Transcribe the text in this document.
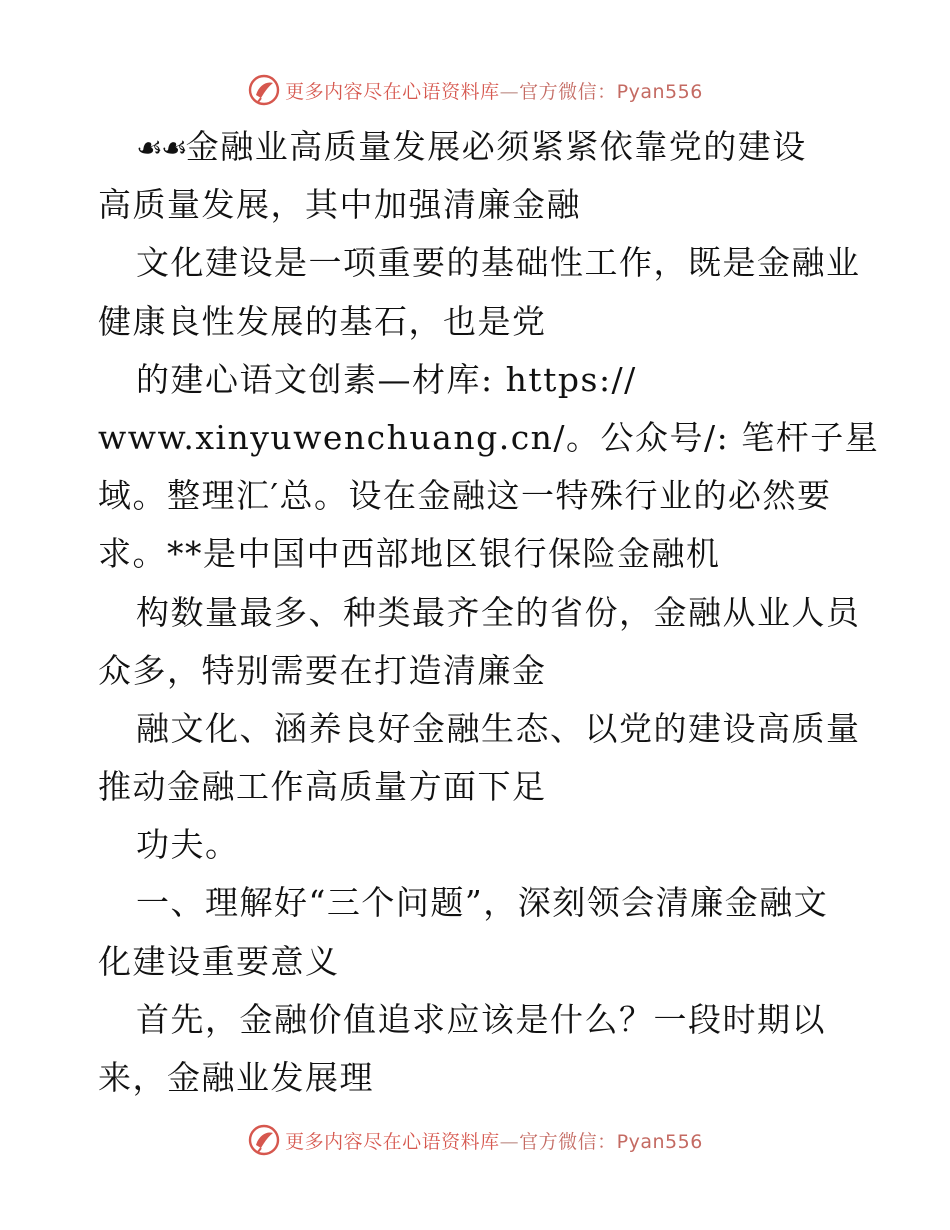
更多内容尽在心语资料库—官方微信：Pyan556
☙☙金融业高质量发展必须紧紧依靠党的建设
高质量发展，其中加强清廉金融
文化建设是一项重要的基础性工作，既是金融业
健康良性发展的基石，也是党
的建心语文创素—材库: https://
www.xinyuwenchuang.cn/。公众号/: 笔杆子星
域。整理汇′总。设在金融这一特殊行业的必然要
求。**是中国中西部地区银行保险金融机
构数量最多、种类最齐全的省份，金融从业人员
众多，特别需要在打造清廉金
融文化、涵养良好金融生态、以党的建设高质量
推动金融工作高质量方面下足
功夫。
一、理解好“三个问题”，深刻领会清廉金融文
化建设重要意义
首先，金融价值追求应该是什么？一段时期以
来，金融业发展理
更多内容尽在心语资料库—官方微信：Pyan556
